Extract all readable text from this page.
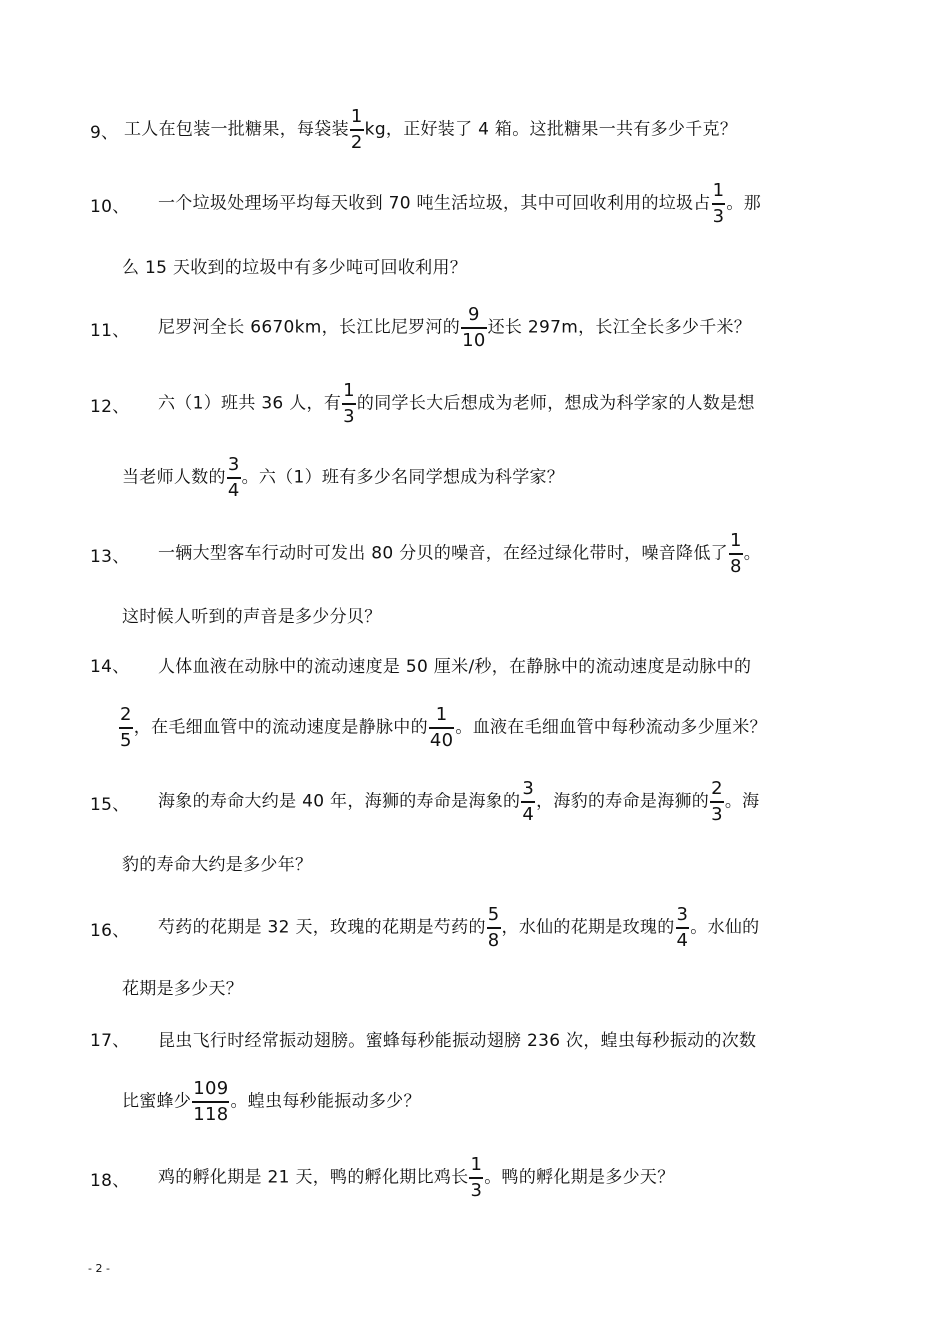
9、 工人在包装一批糖果，每袋装 $\frac{1}{2}$ kg，正好装了 4 箱。这批糖果一共有多少千克？
10、 一个垃圾处理场平均每天收到 70 吨生活垃圾，其中可回收利用的垃圾占 $\frac{1}{3}$ 。那
么 15 天收到的垃圾中有多少吨可回收利用？
11、 尼罗河全长 6670km，长江比尼罗河的 $\frac{9}{10}$ 还长 297m，长江全长多少千米？
12、 六（1）班共 36 人，有 $\frac{1}{3}$ 的同学长大后想成为老师，想成为科学家的人数是想
当老师人数的 $\frac{3}{4}$ 。六（1）班有多少名同学想成为科学家？
13、 一辆大型客车行动时可发出 80 分贝的噪音，在经过绿化带时，噪音降低了 $\frac{1}{8}$ 。
这时候人听到的声音是多少分贝？
14、 人体血液在动脉中的流动速度是 50 厘米/秒，在静脉中的流动速度是动脉中的
$\frac{2}{5}$ ，在毛细血管中的流动速度是静脉中的 $\frac{1}{40}$ 。血液在毛细血管中每秒流动多少厘米？
15、 海象的寿命大约是 40 年，海狮的寿命是海象的 $\frac{3}{4}$ ，海豹的寿命是海狮的 $\frac{2}{3}$ 。海
豹的寿命大约是多少年？
16、 芍药的花期是 32 天，玫瑰的花期是芍药的 $\frac{5}{8}$ ，水仙的花期是玫瑰的 $\frac{3}{4}$ 。水仙的
花期是多少天？
17、 昆虫飞行时经常振动翅膀。蜜蜂每秒能振动翅膀 236 次，蝗虫每秒振动的次数
比蜜蜂少 $\frac{109}{118}$ 。蝗虫每秒能振动多少？
18、 鸡的孵化期是 21 天，鸭的孵化期比鸡长 $\frac{1}{3}$ 。鸭的孵化期是多少天？
- 2 -
